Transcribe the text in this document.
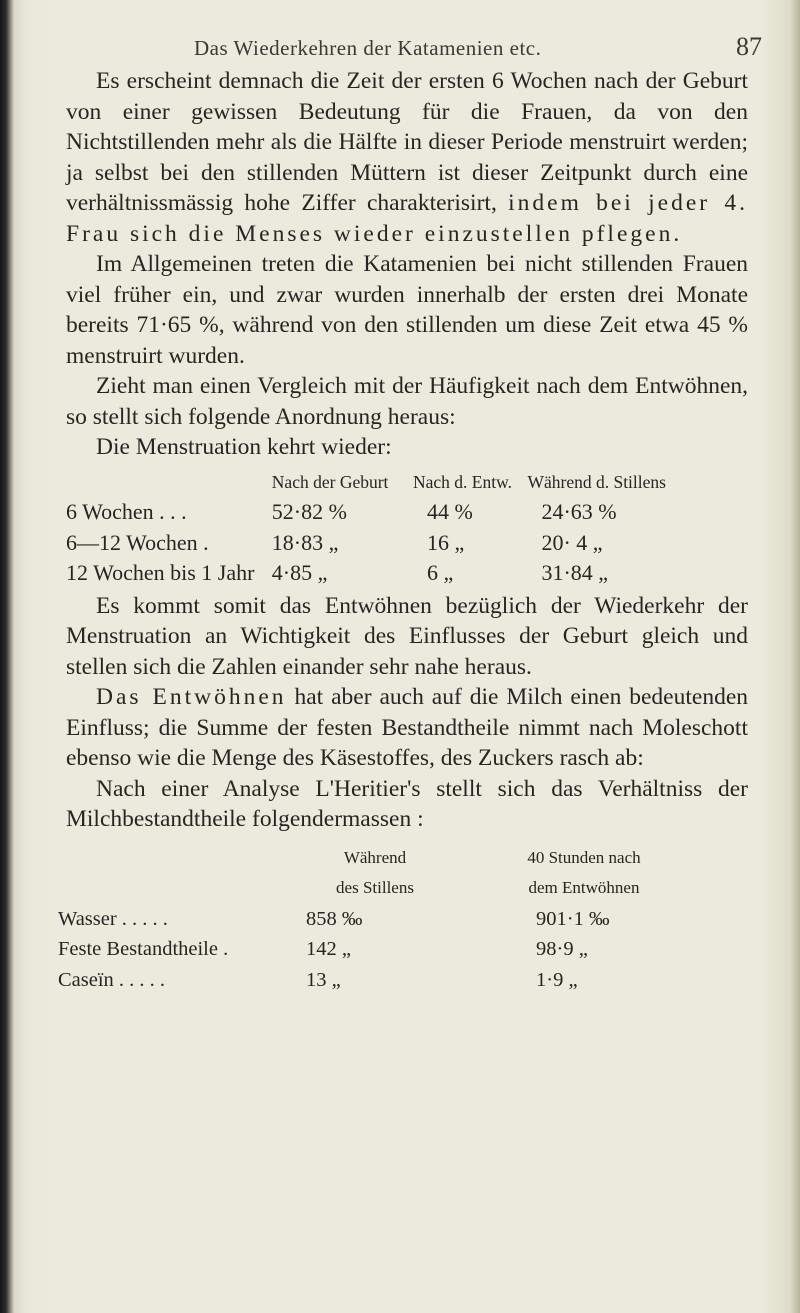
Das Wiederkehren der Katamenien etc.	87

Es erscheint demnach die Zeit der ersten 6 Wochen nach der Geburt von einer gewissen Bedeutung für die Frauen, da von den Nichtstillenden mehr als die Hälfte in dieser Periode menstruirt werden; ja selbst bei den stillenden Müttern ist dieser Zeitpunkt durch eine verhältnissmässig hohe Ziffer charakterisirt, indem bei jeder 4. Frau sich die Menses wieder einzustellen pflegen.

Im Allgemeinen treten die Katamenien bei nicht stillenden Frauen viel früher ein, und zwar wurden innerhalb der ersten drei Monate bereits 71·65 %, während von den stillenden um diese Zeit etwa 45 % menstruirt wurden.

Zieht man einen Vergleich mit der Häufigkeit nach dem Entwöhnen, so stellt sich folgende Anordnung heraus:

Die Menstruation kehrt wieder:

	Nach der Geburt	Nach d. Entw.	Während d. Stillens
6 Wochen . . .	52·82 %	44 %	24·63 %
6—12 Wochen .	18·83 „	16 „	20· 4 „
12 Wochen bis 1 Jahr	4·85 „	6 „	31·84 „

Es kommt somit das Entwöhnen bezüglich der Wiederkehr der Menstruation an Wichtigkeit des Einflusses der Geburt gleich und stellen sich die Zahlen einander sehr nahe heraus.

Das Entwöhnen hat aber auch auf die Milch einen bedeutenden Einfluss; die Summe der festen Bestandtheile nimmt nach Moleschott ebenso wie die Menge des Käsestoffes, des Zuckers rasch ab:

Nach einer Analyse L'Heritier's stellt sich das Verhältniss der Milchbestandtheile folgendermassen :

	Während	40 Stunden nach
	des Stillens	dem Entwöhnen
Wasser . . . . .	858 ‰	901·1 ‰
Feste Bestandtheile .	142 „	98·9 „
Caseïn . . . . .	13 „	1·9 „
